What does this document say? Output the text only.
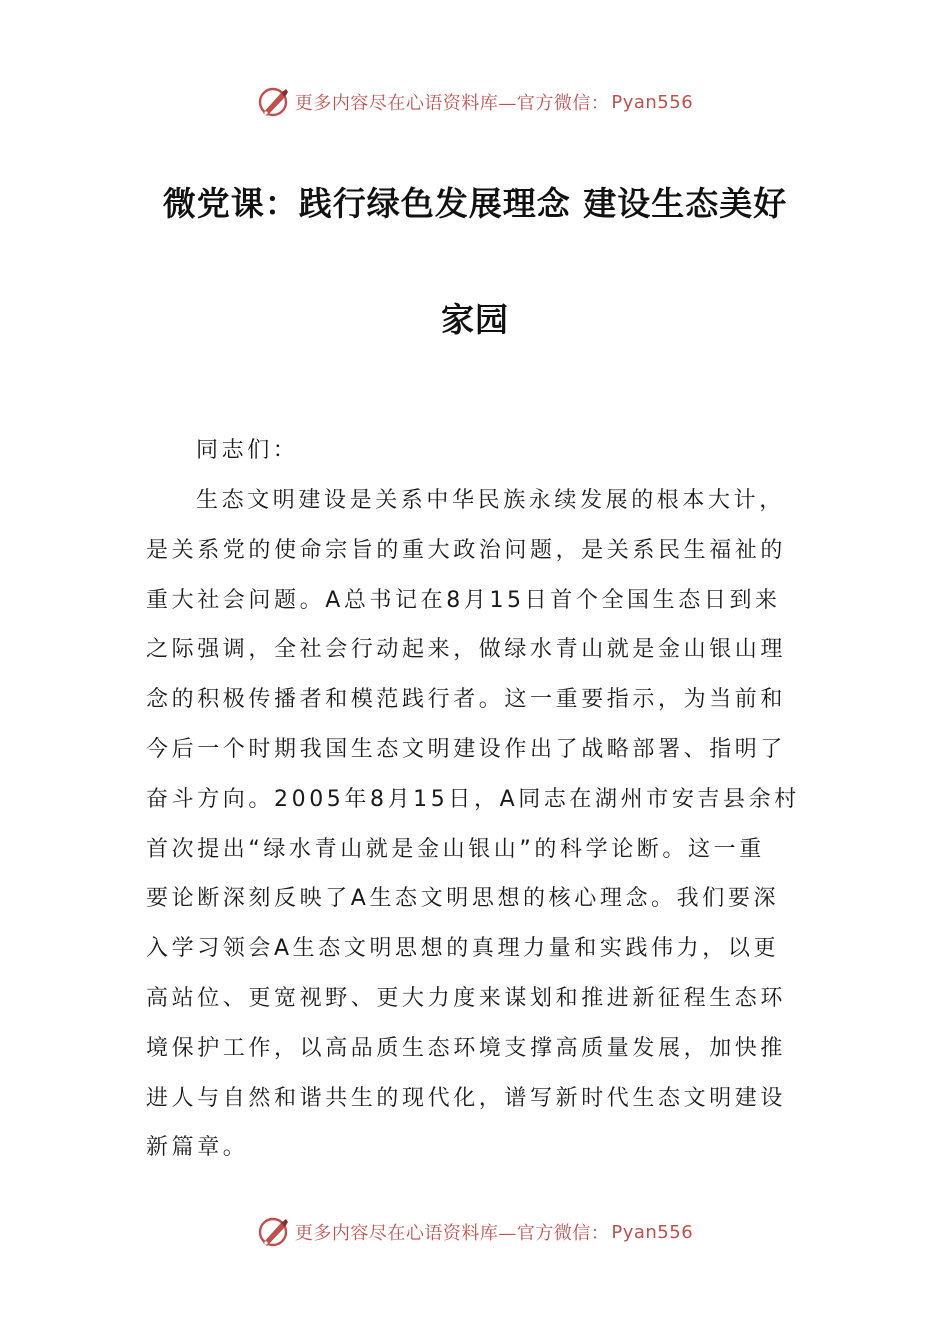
更多内容尽在心语资料库—官方微信： Pyan556
微党课：践行绿色发展理念 建设生态美好
家园
同志们：
生态文明建设是关系中华民族永续发展的根本大计，
是关系党的使命宗旨的重大政治问题，是关系民生福祉的
重大社会问题。A总书记在8月15日首个全国生态日到来
之际强调，全社会行动起来，做绿水青山就是金山银山理
念的积极传播者和模范践行者。这一重要指示，为当前和
今后一个时期我国生态文明建设作出了战略部署、指明了
奋斗方向。2005年8月15日，A同志在湖州市安吉县余村
首次提出“绿水青山就是金山银山”的科学论断。这一重
要论断深刻反映了A生态文明思想的核心理念。我们要深
入学习领会A生态文明思想的真理力量和实践伟力，以更
高站位、更宽视野、更大力度来谋划和推进新征程生态环
境保护工作，以高品质生态环境支撑高质量发展，加快推
进人与自然和谐共生的现代化，谱写新时代生态文明建设
新篇章。
更多内容尽在心语资料库—官方微信： Pyan556
